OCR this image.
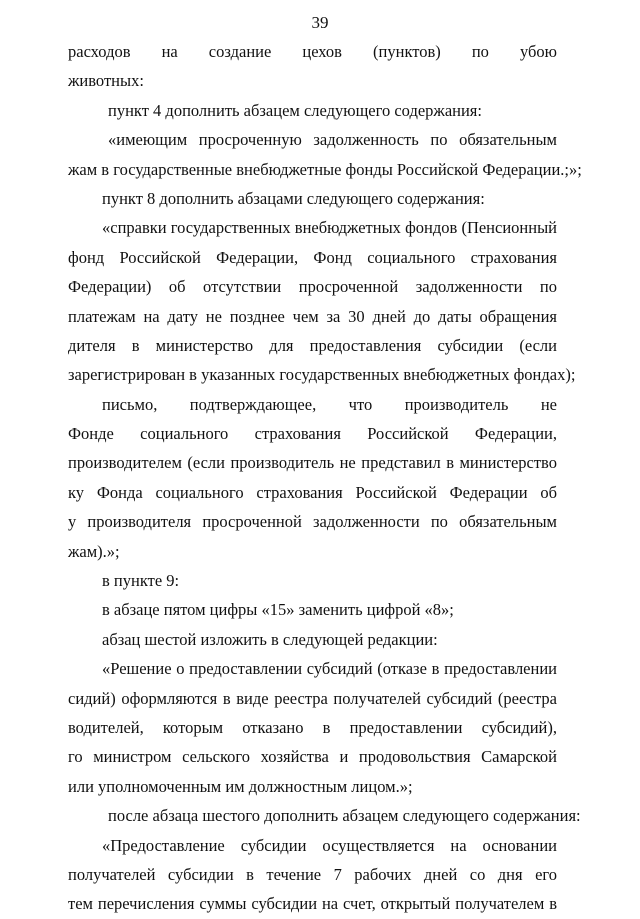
39
расходов на создание цехов (пунктов) по убою
животных:
пункт 4 дополнить абзацем следующего содержания:
«имеющим просроченную задолженность по обязательным
жам в государственные внебюджетные фонды Российской Федерации.;»;
пункт 8 дополнить абзацами следующего содержания:
«справки государственных внебюджетных фондов (Пенсионный
фонд Российской Федерации, Фонд социального страхования
Федерации) об отсутствии просроченной задолженности по
платежам на дату не позднее чем за 30 дней до даты обращения
дителя в министерство для предоставления субсидии (если
зарегистрирован в указанных государственных внебюджетных фондах);
письмо, подтверждающее, что производитель не
Фонде социального страхования Российской Федерации,
производителем (если производитель не представил в министерство
ку Фонда социального страхования Российской Федерации об
у производителя просроченной задолженности по обязательным
жам).»;
в пункте 9:
в абзаце пятом цифры «15» заменить цифрой «8»;
абзац шестой изложить в следующей редакции:
«Решение о предоставлении субсидий (отказе в предоставлении
сидий) оформляются в виде реестра получателей субсидий (реестра
водителей, которым отказано в предоставлении субсидий),
го министром сельского хозяйства и продовольствия Самарской
или уполномоченным им должностным лицом.»;
после абзаца шестого дополнить абзацем следующего содержания:
«Предоставление субсидии осуществляется на основании
получателей субсидии в течение 7 рабочих дней со дня его
тем перечисления суммы субсидии на счет, открытый получателем в
